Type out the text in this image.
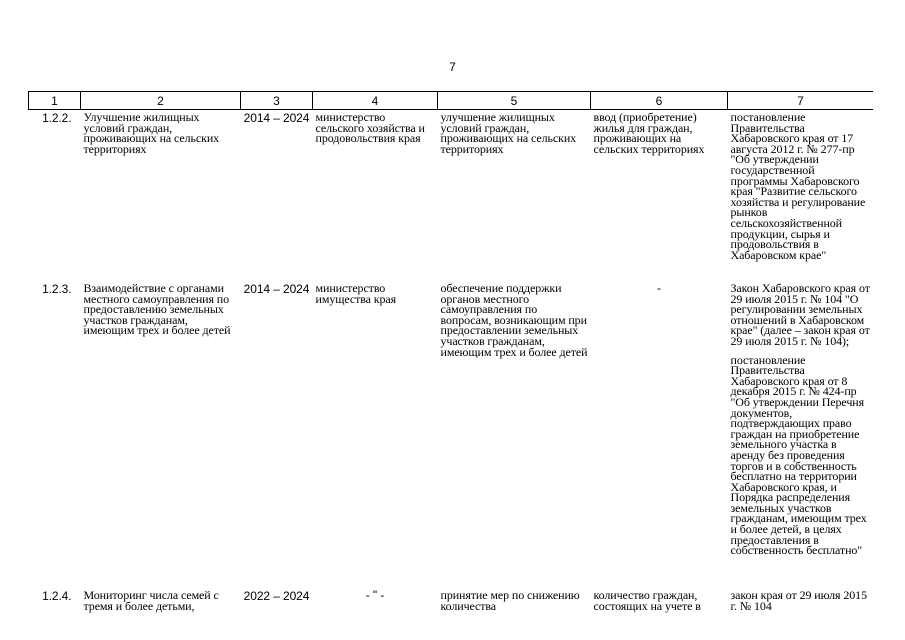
7
1	2	3	4	5	6	7
1.2.2.	Улучшение жилищных условий граждан, проживающих на сельских территориях	2014 – 2024	министерство сельского хозяйства и продовольствия края	улучшение жилищных условий граждан, проживающих на сельских территориях	ввод (приобретение) жилья для граждан, проживающих на сельских территориях	постановление Правительства Хабаровского края от 17 августа 2012 г. № 277-пр "Об утверждении государственной программы Хабаровского края "Развитие сельского хозяйства и регулирование рынков сельскохозяйственной продукции, сырья и продовольствия в Хабаровском крае"

1.2.3.	Взаимодействие с органами местного самоуправления по предоставлению земельных участков гражданам, имеющим трех и более детей	2014 – 2024	министерство имущества края	обеспечение поддержки органов местного самоуправления по вопросам, возникающим при предоставлении земельных участков гражданам, имеющим трех и более детей	-	Закон Хабаровского края от 29 июля 2015 г. № 104 "О регулировании земельных отношений в Хабаровском крае" (далее – закон края от 29 июля 2015 г. № 104);
постановление Правительства Хабаровского края от 8 декабря 2015 г. № 424-пр "Об утверждении Перечня документов, подтверждающих право граждан на приобретение земельного участка в аренду без проведения торгов и в собственность бесплатно на территории Хабаровского края, и Порядка распределения земельных участков гражданам, имеющим трех и более детей, в целях предоставления в собственность бесплатно"

1.2.4.	Мониторинг числа семей с тремя и более детьми,	2022 – 2024	- " -	принятие мер по снижению количества	количество граждан, состоящих на учете в	закон края от 29 июля 2015 г. № 104
